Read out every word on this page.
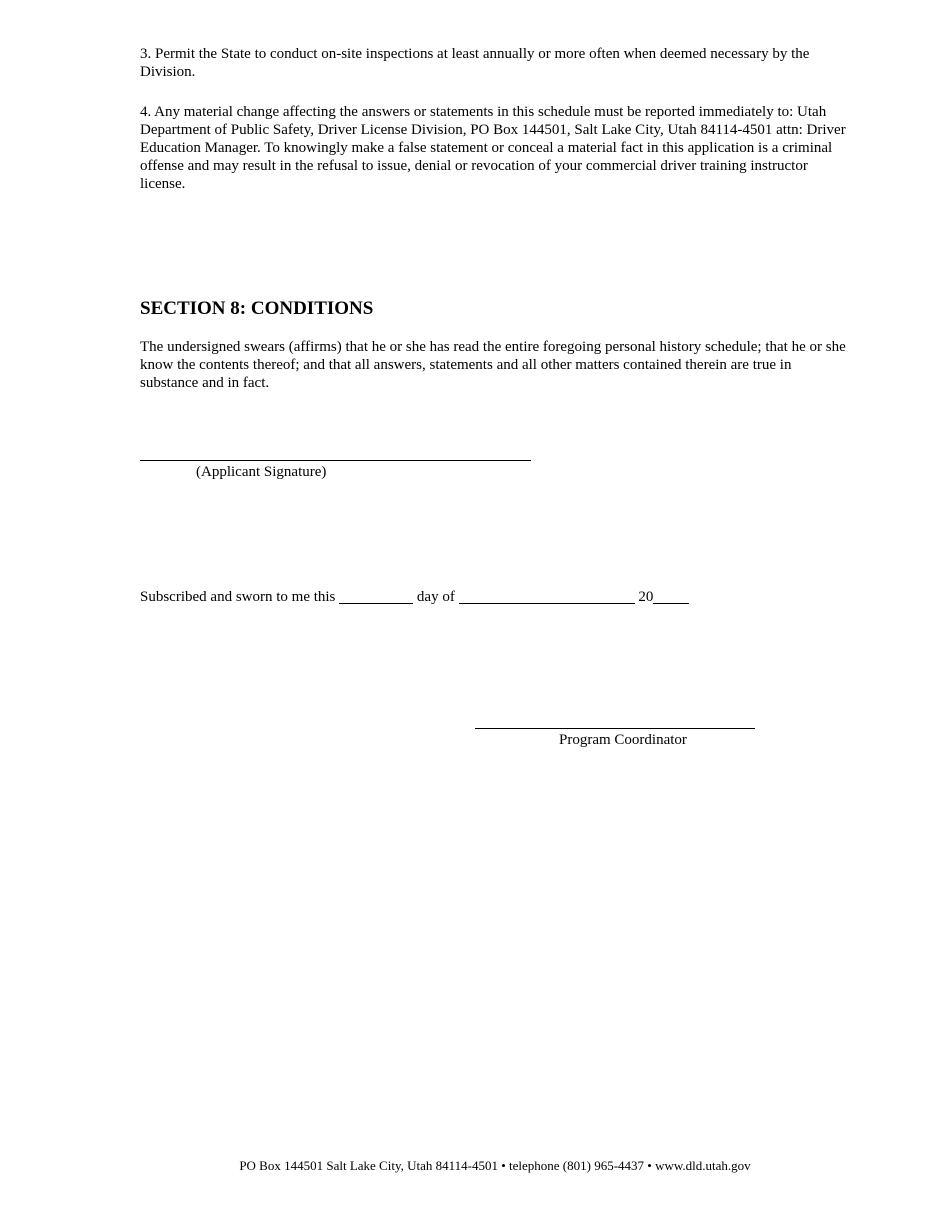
3. Permit the State to conduct on-site inspections at least annually or more often when deemed necessary by the Division.

4. Any material change affecting the answers or statements in this schedule must be reported immediately to: Utah Department of Public Safety, Driver License Division, PO Box 144501, Salt Lake City, Utah 84114-4501 attn: Driver Education Manager. To knowingly make a false statement or conceal a material fact in this application is a criminal offense and may result in the refusal to issue, denial or revocation of your commercial driver training instructor license.

SECTION 8: CONDITIONS

The undersigned swears (affirms) that he or she has read the entire foregoing personal history schedule; that he or she know the contents thereof; and that all answers, statements and all other matters contained therein are true in substance and in fact.

(Applicant Signature)
Subscribed and sworn to me this	day of	20
Program Coordinator
PO Box 144501 Salt Lake City, Utah 84114-4501 • telephone (801) 965-4437 • www.dld.utah.gov
